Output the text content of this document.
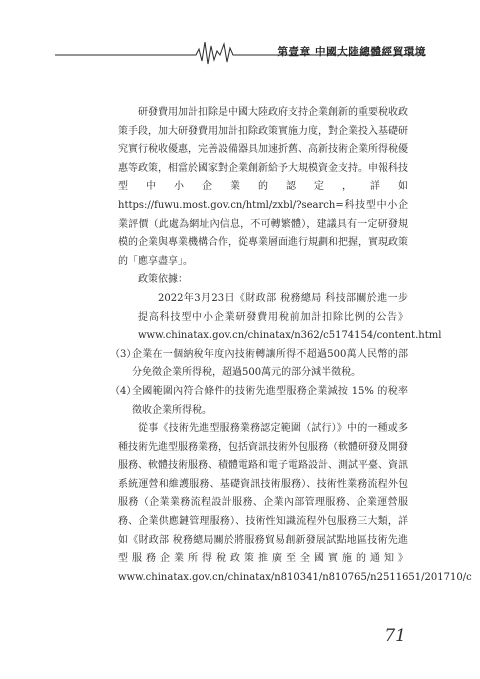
第壹章 中國大陸總體經貿環境

研發費用加計扣除是中國大陸政府支持企業創新的重要稅收政策手段，加大研發費用加計扣除政策實施力度，對企業投入基礎研究實行稅收優惠，完善設備器具加速折舊、高新技術企業所得稅優惠等政策，相當於國家對企業創新給予大規模資金支持。申報科技型中小企業的認定，詳如https://fuwu.most.gov.cn/html/zxbl/?search=科技型中小企業評價（此處為網址內信息，不可轉繁體），建議具有一定研發規模的企業與專業機構合作，從專業層面進行規劃和把握，實現政策的「應享盡享」。

政策依據：

2022年3月23日《財政部 稅務總局 科技部關於進一步提高科技型中小企業研發費用稅前加計扣除比例的公告》www.chinatax.gov.cn/chinatax/n362/c5174154/content.html

（3）
企業在一個納稅年度內技術轉讓所得不超過500萬人民幣的部分免徵企業所得稅，超過500萬元的部分減半徵稅。
（4）
全國範圍內符合條件的技術先進型服務企業減按 15% 的稅率徵收企業所得稅。

從事《技術先進型服務業務認定範圍（試行）》中的一種或多種技術先進型服務業務，包括資訊技術外包服務（軟體研發及開發服務、軟體技術服務、積體電路和電子電路設計、測試平臺、資訊系統運營和維護服務、基礎資訊技術服務）、技術性業務流程外包服務（企業業務流程設計服務、企業內部管理服務、企業運營服務、企業供應鏈管理服務）、技術性知識流程外包服務三大類，詳如《財政部 稅務總局關於將服務貿易創新發展試點地區技術先進型服務企業所得稅政策推廣至全國實施的通知》www.chinatax.gov.cn/chinatax/n810341/n810765/n2511651/201710/c

71
